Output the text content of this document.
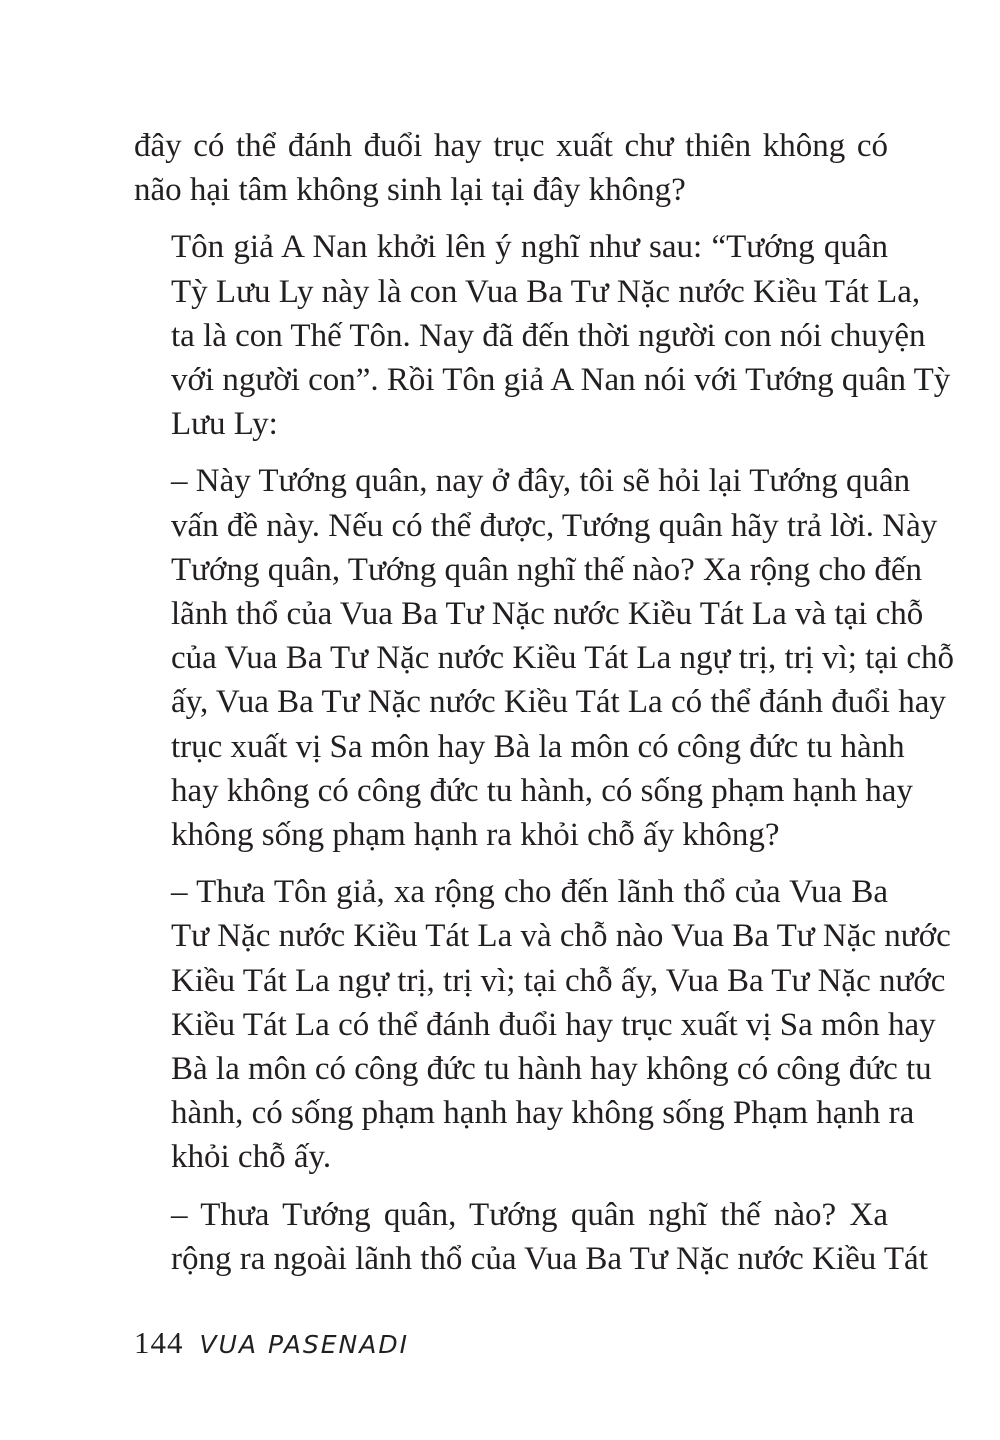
đây có thể đánh đuổi hay trục xuất chư thiên không có
não hại tâm không sinh lại tại đây không?

Tôn giả A Nan khởi lên ý nghĩ như sau: “Tướng quân
Tỳ Lưu Ly này là con Vua Ba Tư Nặc nước Kiều Tát La,
ta là con Thế Tôn. Nay đã đến thời người con nói chuyện
với người con”. Rồi Tôn giả A Nan nói với Tướng quân Tỳ
Lưu Ly:

– Này Tướng quân, nay ở đây, tôi sẽ hỏi lại Tướng quân
vấn đề này. Nếu có thể được, Tướng quân hãy trả lời. Này
Tướng quân, Tướng quân nghĩ thế nào? Xa rộng cho đến
lãnh thổ của Vua Ba Tư Nặc nước Kiều Tát La và tại chỗ
của Vua Ba Tư Nặc nước Kiều Tát La ngự trị, trị vì; tại chỗ
ấy, Vua Ba Tư Nặc nước Kiều Tát La có thể đánh đuổi hay
trục xuất vị Sa môn hay Bà la môn có công đức tu hành
hay không có công đức tu hành, có sống phạm hạnh hay
không sống phạm hạnh ra khỏi chỗ ấy không?

– Thưa Tôn giả, xa rộng cho đến lãnh thổ của Vua Ba
Tư Nặc nước Kiều Tát La và chỗ nào Vua Ba Tư Nặc nước
Kiều Tát La ngự trị, trị vì; tại chỗ ấy, Vua Ba Tư Nặc nước
Kiều Tát La có thể đánh đuổi hay trục xuất vị Sa môn hay
Bà la môn có công đức tu hành hay không có công đức tu
hành, có sống phạm hạnh hay không sống Phạm hạnh ra
khỏi chỗ ấy.

– Thưa Tướng quân, Tướng quân nghĩ thế nào? Xa
rộng ra ngoài lãnh thổ của Vua Ba Tư Nặc nước Kiều Tát

144 VUA PASENADI
